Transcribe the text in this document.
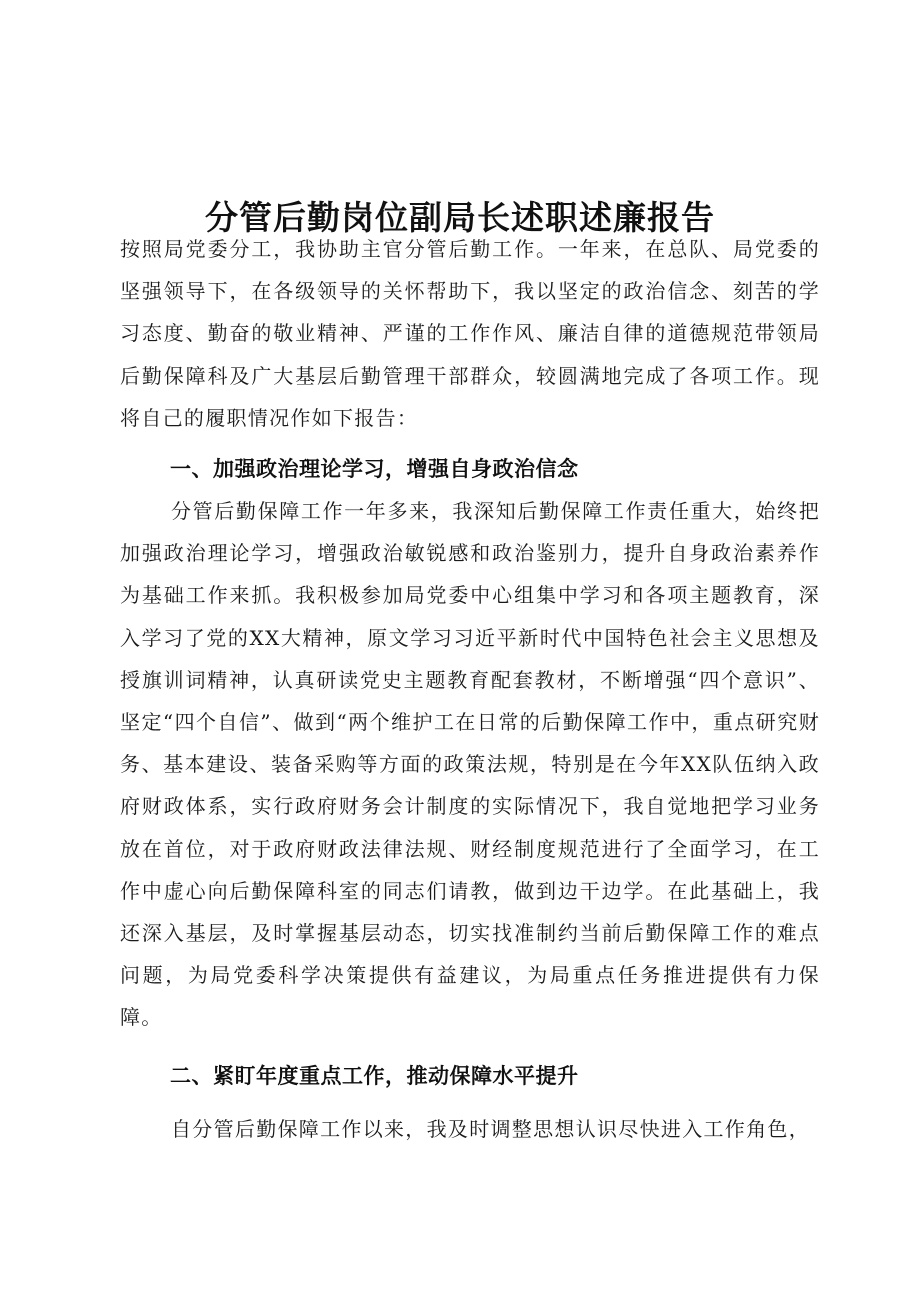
分管后勤岗位副局长述职述廉报告

按照局党委分工，我协助主官分管后勤工作。一年来，在总队、局党委的坚强领导下，在各级领导的关怀帮助下，我以坚定的政治信念、刻苦的学习态度、勤奋的敬业精神、严谨的工作作风、廉洁自律的道德规范带领局后勤保障科及广大基层后勤管理干部群众，较圆满地完成了各项工作。现将自己的履职情况作如下报告：

一、加强政治理论学习，增强自身政治信念

分管后勤保障工作一年多来，我深知后勤保障工作责任重大，始终把加强政治理论学习，增强政治敏锐感和政治鉴别力，提升自身政治素养作为基础工作来抓。我积极参加局党委中心组集中学习和各项主题教育，深入学习了党的XX大精神，原文学习习近平新时代中国特色社会主义思想及授旗训词精神，认真研读党史主题教育配套教材，不断增强“四个意识”、坚定“四个自信”、做到“两个维护工在日常的后勤保障工作中，重点研究财务、基本建设、装备采购等方面的政策法规，特别是在今年XX队伍纳入政府财政体系，实行政府财务会计制度的实际情况下，我自觉地把学习业务放在首位，对于政府财政法律法规、财经制度规范进行了全面学习，在工作中虚心向后勤保障科室的同志们请教，做到边干边学。在此基础上，我还深入基层，及时掌握基层动态，切实找准制约当前后勤保障工作的难点问题，为局党委科学决策提供有益建议，为局重点任务推进提供有力保障。

二、紧盯年度重点工作，推动保障水平提升

自分管后勤保障工作以来，我及时调整思想认识尽快进入工作角色，
